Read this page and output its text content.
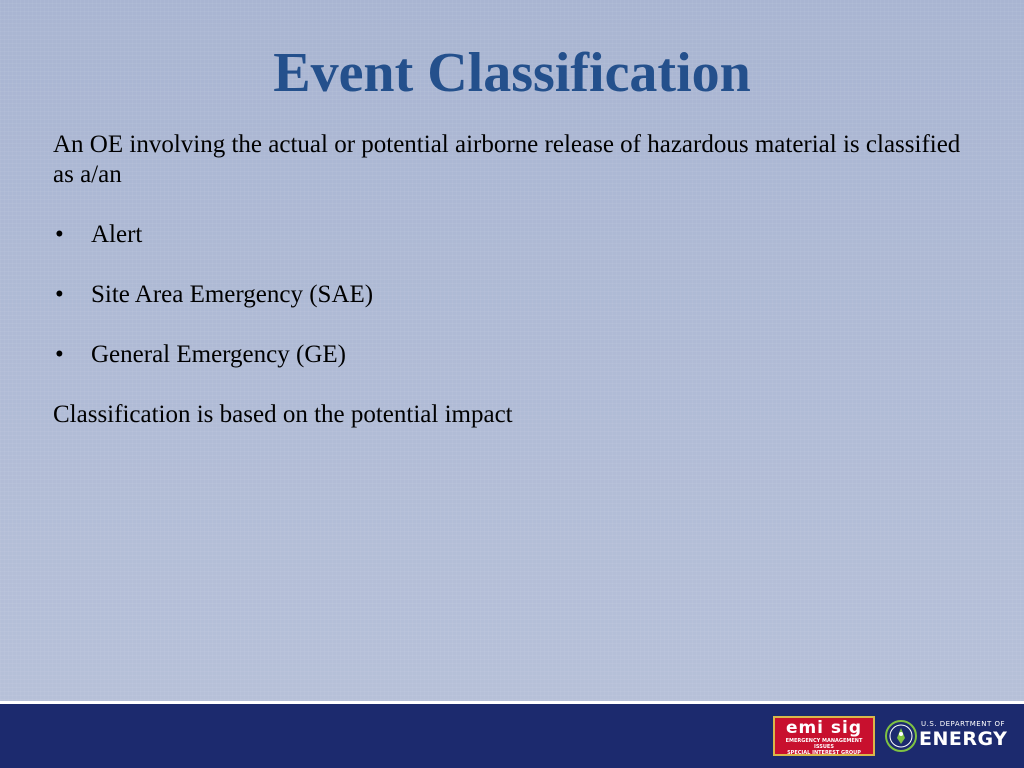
Event Classification

An OE involving the actual or potential airborne release of hazardous material is classified as a/an

• Alert
• Site Area Emergency (SAE)
• General Emergency (GE)

Classification is based on the potential impact

emi sig
EMERGENCY MANAGEMENT ISSUES
SPECIAL INTEREST GROUP
U.S. DEPARTMENT OF
ENERGY
